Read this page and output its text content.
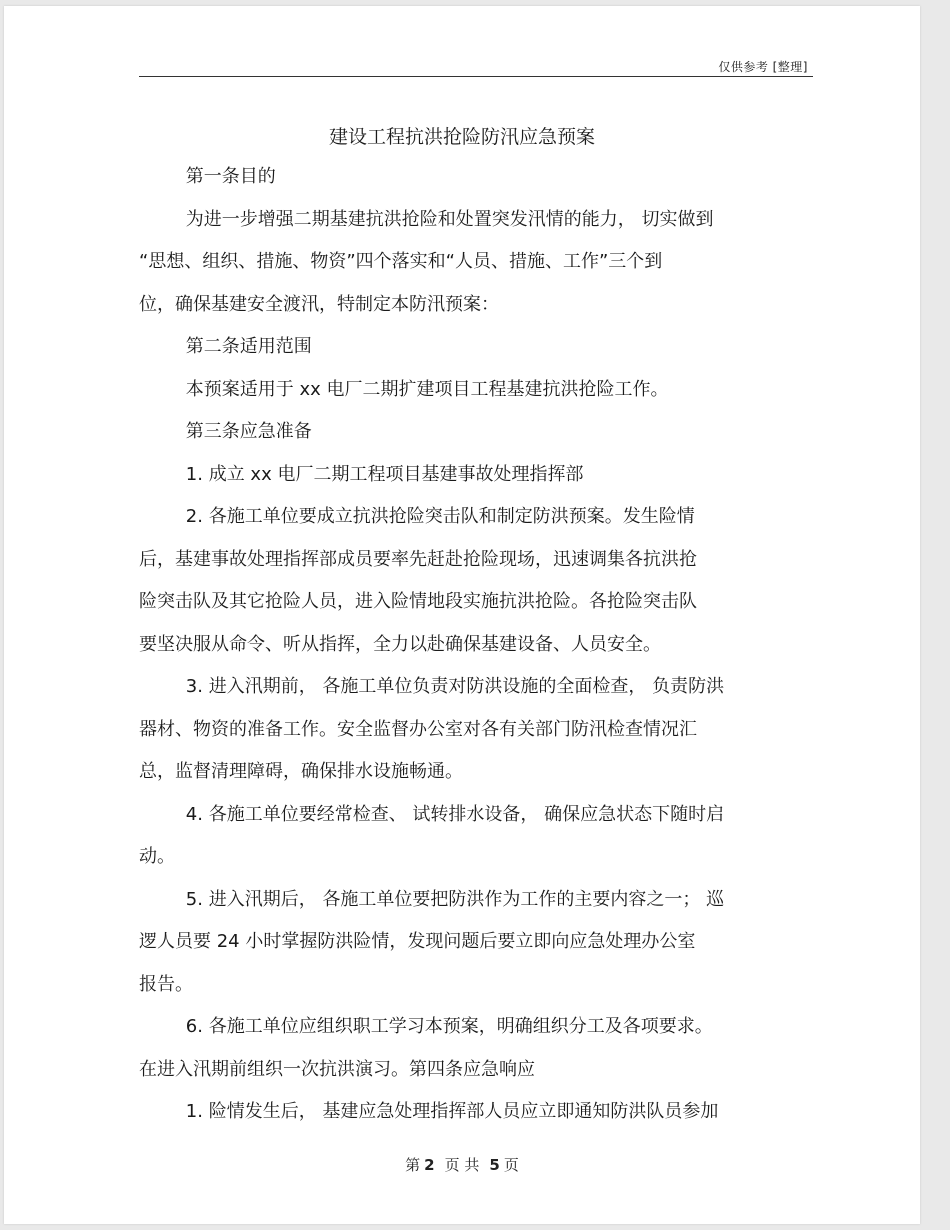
仅供参考 [整理]
建设工程抗洪抢险防汛应急预案
第一条目的
为进一步增强二期基建抗洪抢险和处置突发汛情的能力， 切实做到
“思想、组织、措施、物资”四个落实和“人员、措施、工作”三个到
位，确保基建安全渡汛，特制定本防汛预案：
第二条适用范围
本预案适用于 xx 电厂二期扩建项目工程基建抗洪抢险工作。
第三条应急准备
1. 成立 xx 电厂二期工程项目基建事故处理指挥部
2. 各施工单位要成立抗洪抢险突击队和制定防洪预案。发生险情
后，基建事故处理指挥部成员要率先赶赴抢险现场，迅速调集各抗洪抢
险突击队及其它抢险人员，进入险情地段实施抗洪抢险。各抢险突击队
要坚决服从命令、听从指挥，全力以赴确保基建设备、人员安全。
3. 进入汛期前， 各施工单位负责对防洪设施的全面检查， 负责防洪
器材、物资的准备工作。安全监督办公室对各有关部门防汛检查情况汇
总，监督清理障碍，确保排水设施畅通。
4. 各施工单位要经常检查、 试转排水设备， 确保应急状态下随时启
动。
5. 进入汛期后， 各施工单位要把防洪作为工作的主要内容之一； 巡
逻人员要 24 小时掌握防洪险情，发现问题后要立即向应急处理办公室
报告。
6. 各施工单位应组织职工学习本预案，明确组织分工及各项要求。
在进入汛期前组织一次抗洪演习。第四条应急响应
1. 险情发生后， 基建应急处理指挥部人员应立即通知防洪队员参加
第 2 页 共 5 页
